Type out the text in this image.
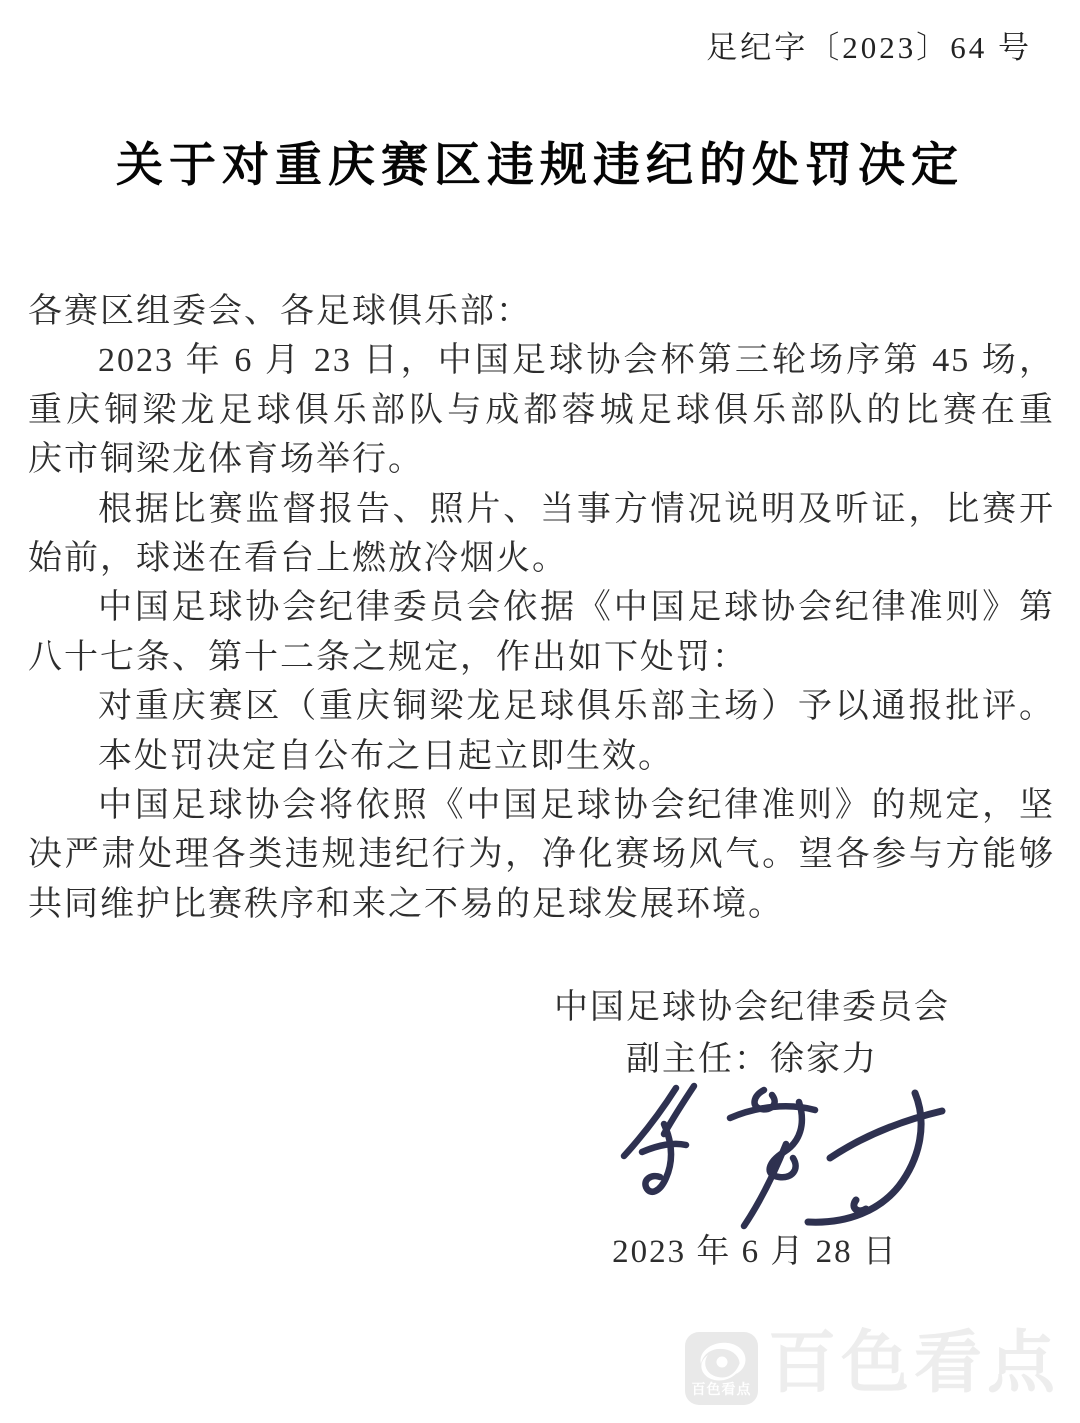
足纪字〔2023〕64 号
关于对重庆赛区违规违纪的处罚决定
各赛区组委会、各足球俱乐部：
2023 年 6 月 23 日，中国足球协会杯第三轮场序第 45 场，
重庆铜梁龙足球俱乐部队与成都蓉城足球俱乐部队的比赛在重
庆市铜梁龙体育场举行。
根据比赛监督报告、照片、当事方情况说明及听证，比赛开
始前，球迷在看台上燃放冷烟火。
中国足球协会纪律委员会依据《中国足球协会纪律准则》第
八十七条、第十二条之规定，作出如下处罚：
对重庆赛区（重庆铜梁龙足球俱乐部主场）予以通报批评。
本处罚决定自公布之日起立即生效。
中国足球协会将依照《中国足球协会纪律准则》的规定，坚
决严肃处理各类违规违纪行为，净化赛场风气。望各参与方能够
共同维护比赛秩序和来之不易的足球发展环境。
中国足球协会纪律委员会
副主任：徐家力
2023 年 6 月 28 日
百色看点 百色看点
